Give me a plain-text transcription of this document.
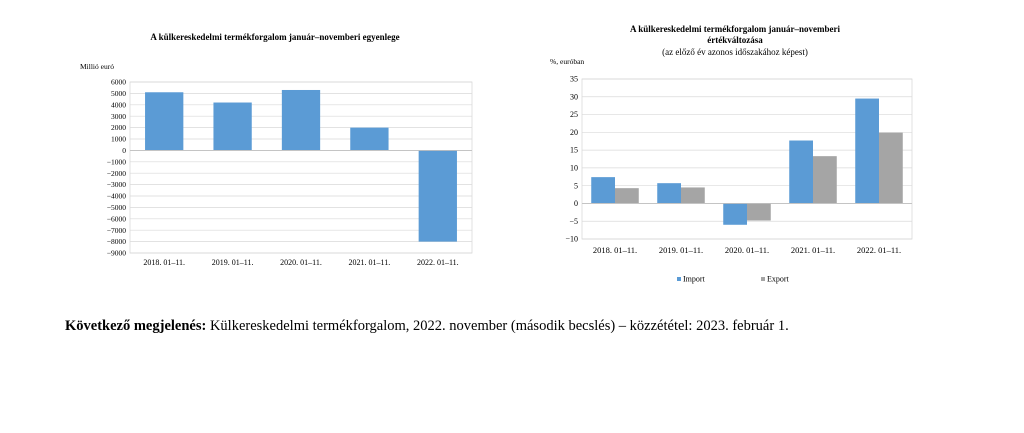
A külkereskedelmi termékforgalom január–novemberi egyenlege
Millió euró
6000
5000
4000
3000
2000
1000
0
−1000
−2000
−3000
−4000
−5000
−6000
−7000
−8000
−9000
2018. 01–11.	2019. 01–11.	2020. 01–11.	2021. 01–11.	2022. 01–11.
A külkereskedelmi termékforgalom január–novemberi
értékváltozása
(az előző év azonos időszakához képest)
%, euróban
35
30
25
20
15
10
5
0
−5
−10
2018. 01–11.	2019. 01–11.	2020. 01–11.	2021. 01–11.	2022. 01–11.
Import	Export
Következő megjelenés: Külkereskedelmi termékforgalom, 2022. november (második becslés) – közzététel: 2023. február 1.
